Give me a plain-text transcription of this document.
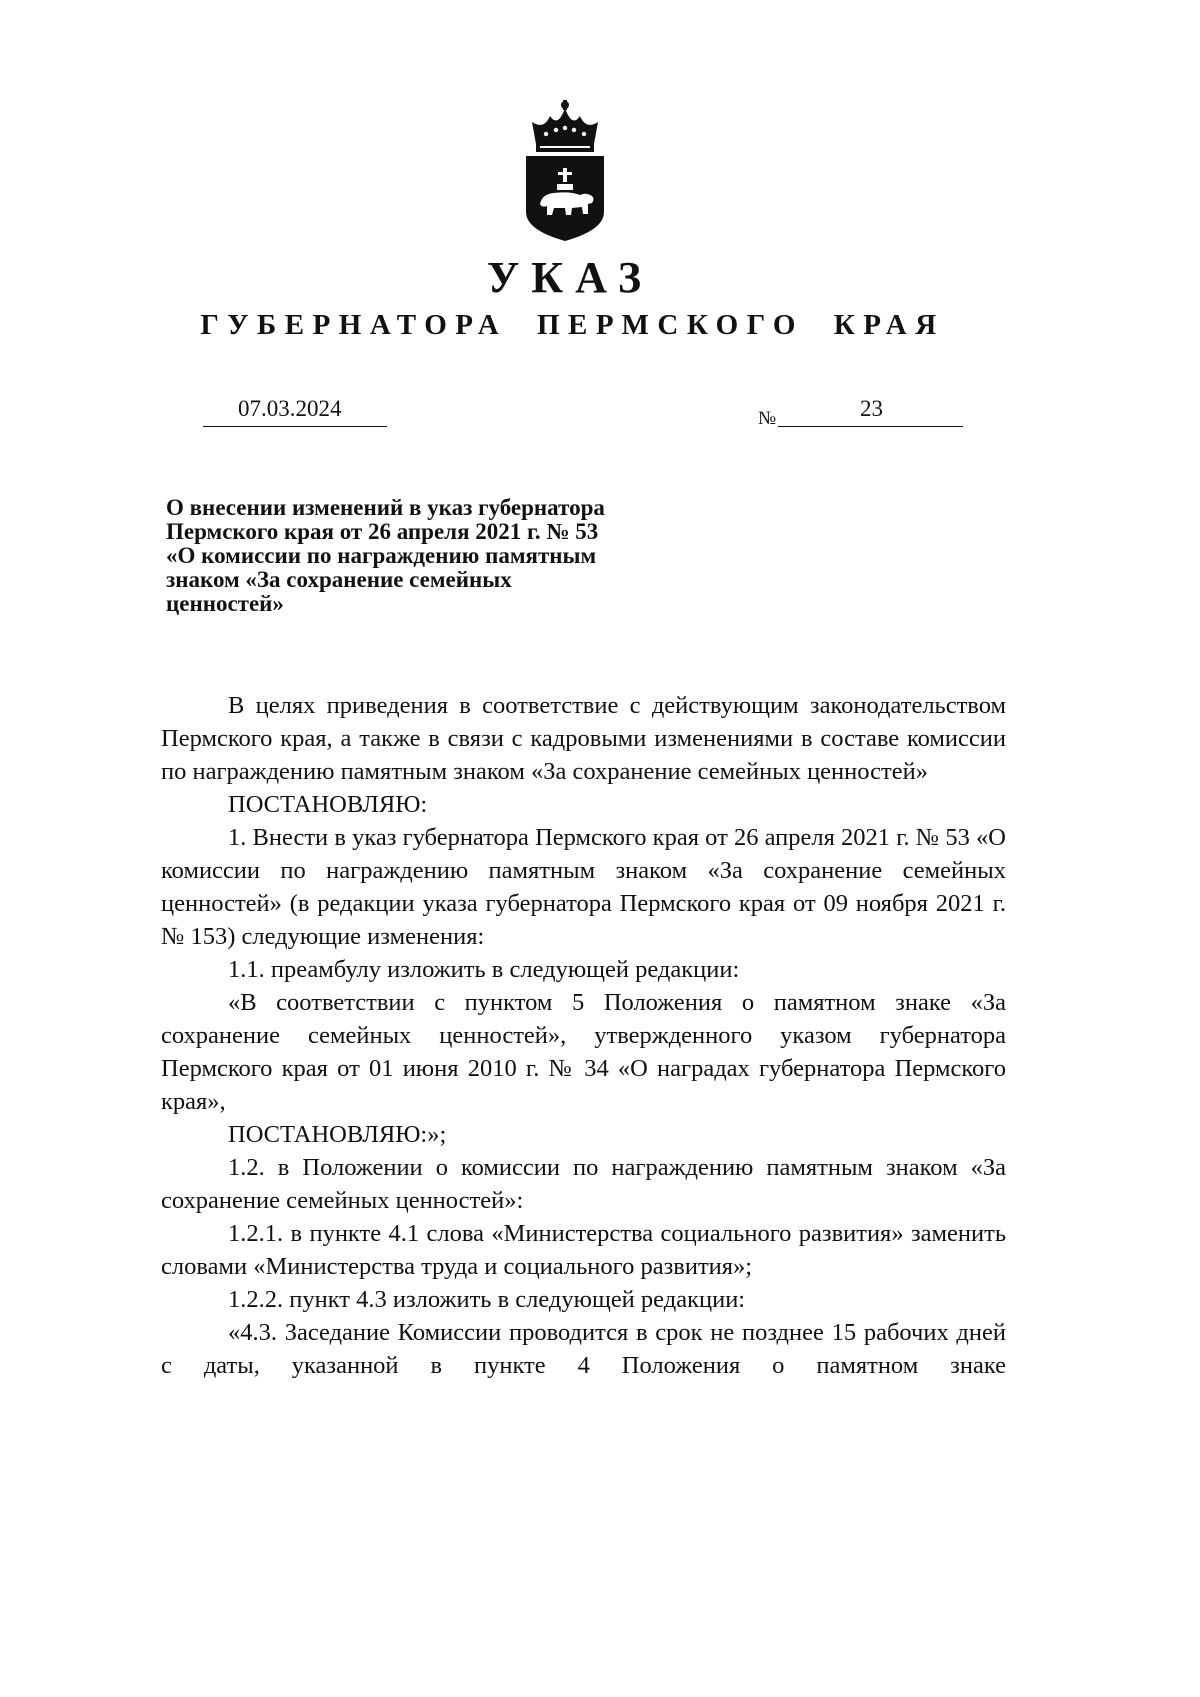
УКАЗ
ГУБЕРНАТОРА ПЕРМСКОГО КРАЯ
07.03.2024	№	23
О внесении изменений в указ губернатора
Пермского края от 26 апреля 2021 г. № 53
«О комиссии по награждению памятным
знаком «За сохранение семейных
ценностей»

В целях приведения в соответствие с действующим законодательством Пермского края, а также в связи с кадровыми изменениями в составе комиссии по награждению памятным знаком «За сохранение семейных ценностей»

ПОСТАНОВЛЯЮ:

1. Внести в указ губернатора Пермского края от 26 апреля 2021 г. № 53 «О комиссии по награждению памятным знаком «За сохранение семейных ценностей» (в редакции указа губернатора Пермского края от 09 ноября 2021 г. № 153) следующие изменения:

1.1. преамбулу изложить в следующей редакции:

«В соответствии с пунктом 5 Положения о памятном знаке «За сохранение семейных ценностей», утвержденного указом губернатора Пермского края от 01 июня 2010 г. № 34 «О наградах губернатора Пермского края»,

ПОСТАНОВЛЯЮ:»;

1.2. в Положении о комиссии по награждению памятным знаком «За сохранение семейных ценностей»:

1.2.1. в пункте 4.1 слова «Министерства социального развития» заменить словами «Министерства труда и социального развития»;

1.2.2. пункт 4.3 изложить в следующей редакции:

«4.3. Заседание Комиссии проводится в срок не позднее 15 рабочих дней с даты, указанной в пункте 4 Положения о памятном знаке
